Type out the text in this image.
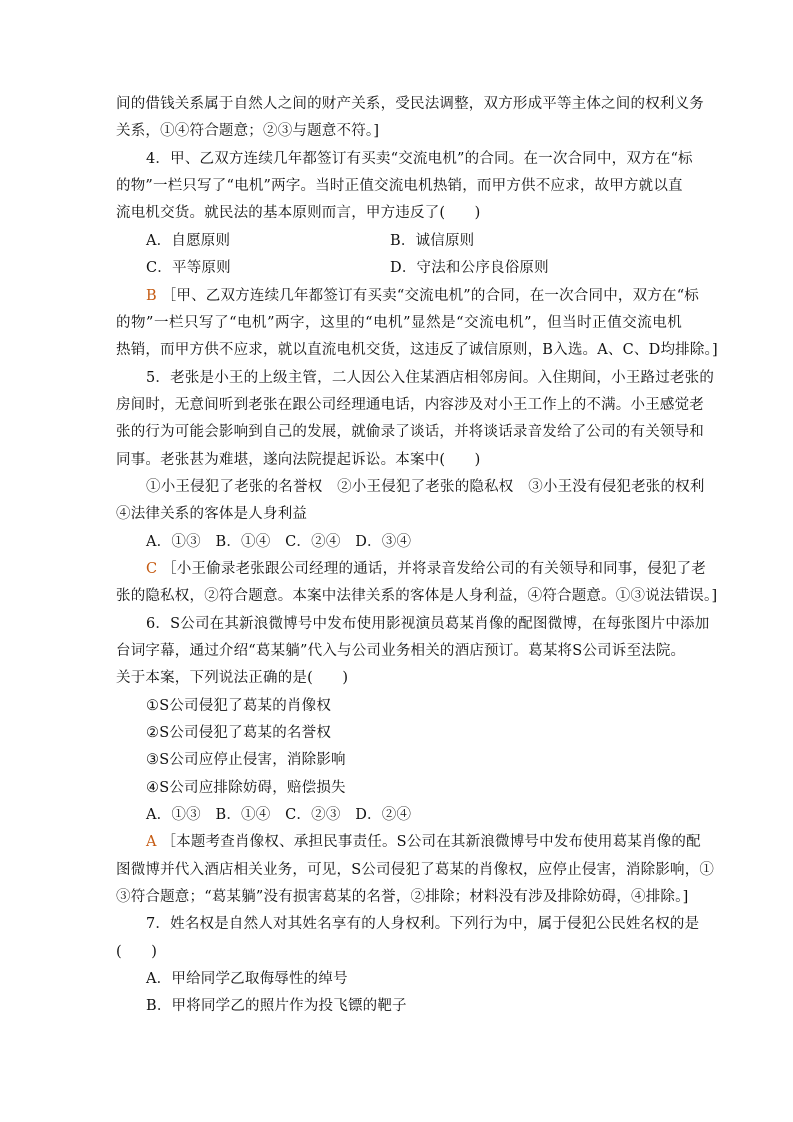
间的借钱关系属于自然人之间的财产关系，受民法调整，双方形成平等主体之间的权利义务
关系，①④符合题意；②③与题意不符。]
4．甲、乙双方连续几年都签订有买卖“交流电机”的合同。在一次合同中，双方在“标
的物”一栏只写了“电机”两字。当时正值交流电机热销，而甲方供不应求，故甲方就以直
流电机交货。就民法的基本原则而言，甲方违反了(　　)
A．自愿原则	B．诚信原则
C．平等原则	D．守法和公序良俗原则
B ［甲、乙双方连续几年都签订有买卖“交流电机”的合同，在一次合同中，双方在“标
的物”一栏只写了“电机”两字，这里的“电机”显然是“交流电机”，但当时正值交流电机
热销，而甲方供不应求，就以直流电机交货，这违反了诚信原则，B入选。A、C、D均排除。]
5．老张是小王的上级主管，二人因公入住某酒店相邻房间。入住期间，小王路过老张的
房间时，无意间听到老张在跟公司经理通电话，内容涉及对小王工作上的不满。小王感觉老
张的行为可能会影响到自己的发展，就偷录了谈话，并将谈话录音发给了公司的有关领导和
同事。老张甚为难堪，遂向法院提起诉讼。本案中(　　)
①小王侵犯了老张的名誉权　②小王侵犯了老张的隐私权　③小王没有侵犯老张的权利
④法律关系的客体是人身利益
A．①③　B．①④　C．②④　D．③④
C ［小王偷录老张跟公司经理的通话，并将录音发给公司的有关领导和同事，侵犯了老
张的隐私权，②符合题意。本案中法律关系的客体是人身利益，④符合题意。①③说法错误。]
6．S公司在其新浪微博号中发布使用影视演员葛某肖像的配图微博，在每张图片中添加
台词字幕，通过介绍“葛某躺”代入与公司业务相关的酒店预订。葛某将S公司诉至法院。
关于本案，下列说法正确的是(　　)
①S公司侵犯了葛某的肖像权
②S公司侵犯了葛某的名誉权
③S公司应停止侵害，消除影响
④S公司应排除妨碍，赔偿损失
A．①③　B．①④　C．②③　D．②④
A ［本题考查肖像权、承担民事责任。S公司在其新浪微博号中发布使用葛某肖像的配
图微博并代入酒店相关业务，可见，S公司侵犯了葛某的肖像权，应停止侵害，消除影响，①
③符合题意；“葛某躺”没有损害葛某的名誉，②排除；材料没有涉及排除妨碍，④排除。]
7．姓名权是自然人对其姓名享有的人身权利。下列行为中，属于侵犯公民姓名权的是
(　　)
A．甲给同学乙取侮辱性的绰号
B．甲将同学乙的照片作为投飞镖的靶子
